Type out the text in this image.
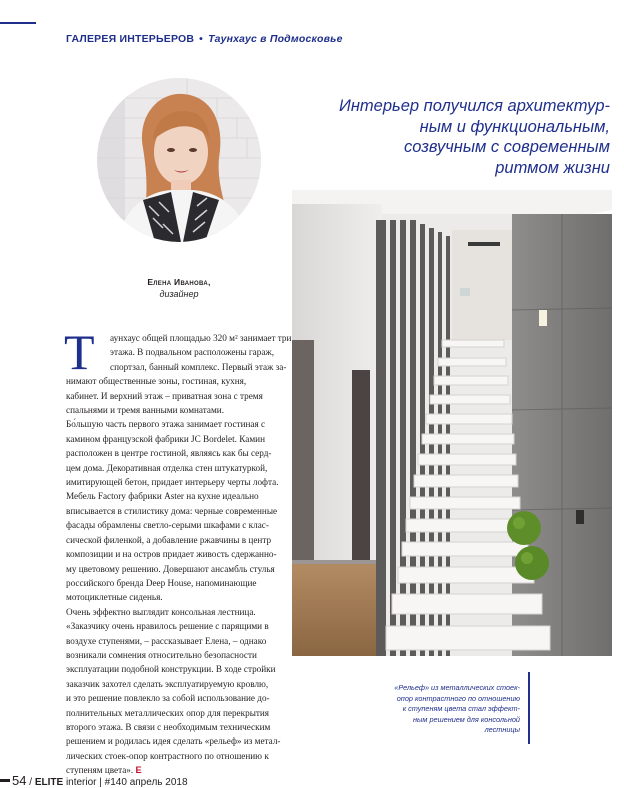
ГАЛЕРЕЯ ИНТЕРЬЕРОВ • Таунхаус в Подмосковье
Елена Иванова,
дизайнер
Интерьер получился архитектур-
ным и функциональным,
созвучным с современным
ритмом жизни
Т	аунхаус общей площадью 320 м² занимает три
этажа. В подвальном расположены гараж,
спортзал, банный комплекс. Первый этаж за-
нимают общественные зоны, гостиная, кухня,
кабинет. И верхний этаж – приватная зона с тремя
спальнями и тремя ванными комнатами.
Бо́льшую часть первого этажа занимает гостиная с
камином французской фабрики JC Bordelet. Камин
расположен в центре гостиной, являясь как бы серд-
цем дома. Декоративная отделка стен штукатуркой,
имитирующей бетон, придает интерьеру черты лофта.
Мебель Factory фабрики Aster на кухне идеально
вписывается в стилистику дома: черные современные
фасады обрамлены светло-серыми шкафами с клас-
сической филенкой, а добавление ржавчины в центр
композиции и на остров придает живость сдержанно-
му цветовому решению. Довершают ансамбль стулья
российского бренда Deep House, напоминающие
мотоциклетные сиденья.
Очень эффектно выглядит консольная лестница.
«Заказчику очень нравилось решение с парящими в
воздухе ступенями, – рассказывает Елена, – однако
возникали сомнения относительно безопасности
эксплуатации подобной конструкции. В ходе стройки
заказчик захотел сделать эксплуатируемую кровлю,
и это решение повлекло за собой использование до-
полнительных металлических опор для перекрытия
второго этажа. В связи с необходимым техническим
решением и родилась идея сделать «рельеф» из метал-
лических стоек-опор контрастного по отношению к
ступеням цвета». E
«Рельеф» из металлических стоек-
опор контрастного по отношению
к ступеням цвета стал эффект-
ным решением для консольной
лестницы
54 / ELITE interior | #140 апрель 2018
